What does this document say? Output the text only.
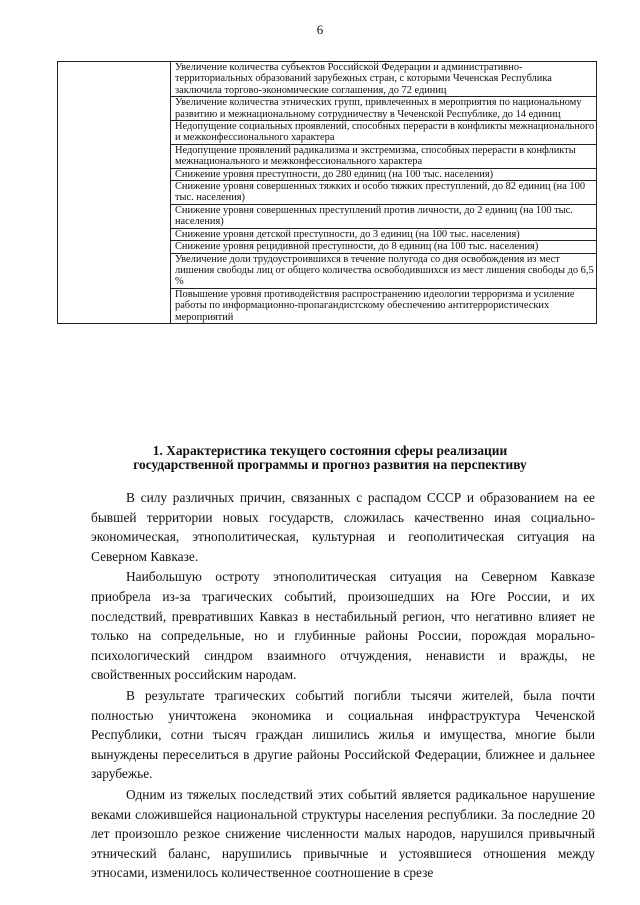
6
	Увеличение количества субъектов Российской Федерации и административно-территориальных образований зарубежных стран, с которыми Чеченская Республика заключила торгово-экономические соглашения, до 72 единиц
Увеличение количества этнических групп, привлеченных в мероприятия по национальному развитию и межнациональному сотрудничеству в Чеченской Республике, до 14 единиц
Недопущение социальных проявлений, способных перерасти в конфликты межнационального и межконфессионального характера
Недопущение проявлений радикализма и экстремизма, способных перерасти в конфликты межнационального и межконфессионального характера
Снижение уровня преступности, до 280 единиц (на 100 тыс. населения)
Снижение уровня совершенных тяжких и особо тяжких преступлений, до 82 единиц (на 100 тыс. населения)
Снижение уровня совершенных преступлений против личности, до 2 единиц (на 100 тыс. населения)
Снижение уровня детской преступности, до 3 единиц (на 100 тыс. населения)
Снижение уровня рецидивной преступности, до 8 единиц (на 100 тыс. населения)
Увеличение доли трудоустроившихся в течение полугода со дня освобождения из мест лишения свободы лиц от общего количества освободившихся из мест лишения свободы до 6,5 %
Повышение уровня противодействия распространению идеологии терроризма и усиление работы по информационно-пропагандистскому обеспечению антитеррористических мероприятий
1. Характеристика текущего состояния сферы реализации
государственной программы и прогноз развития на перспективу

В силу различных причин, связанных с распадом СССР и образованием на ее бывшей территории новых государств, сложилась качественно иная социально-экономическая, этнополитическая, культурная и геополитическая ситуация на Северном Кавказе.

Наибольшую остроту этнополитическая ситуация на Северном Кавказе приобрела из-за трагических событий, произошедших на Юге России, и их последствий, превративших Кавказ в нестабильный регион, что негативно влияет не только на сопредельные, но и глубинные районы России, порождая морально-психологический синдром взаимного отчуждения, ненависти и вражды, не свойственных российским народам.

В результате трагических событий погибли тысячи жителей, была почти полностью уничтожена экономика и социальная инфраструктура Чеченской Республики, сотни тысяч граждан лишились жилья и имущества, многие были вынуждены переселиться в другие районы Российской Федерации, ближнее и дальнее зарубежье.

Одним из тяжелых последствий этих событий является радикальное нарушение веками сложившейся национальной структуры населения республики. За последние 20 лет произошло резкое снижение численности малых народов, нарушился привычный этнический баланс, нарушились привычные и устоявшиеся отношения между этносами, изменилось количественное соотношение в срезе
